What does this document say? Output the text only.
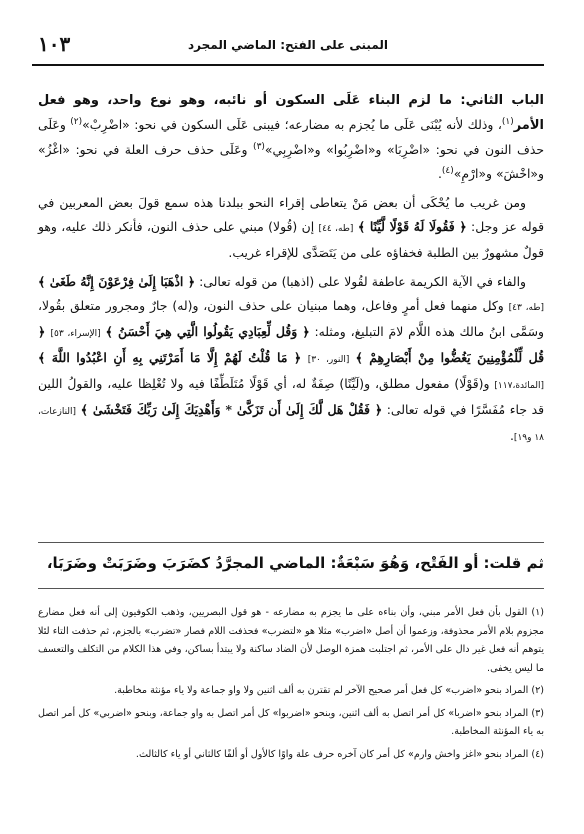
١٠٣	المبنى على الفتح: الماضي المجرد

الباب الثاني: ما لزم البناء عَلَى السكون أو نائبه، وهو نوع واحد، وهو فعل الأمر$^{(١)}$، وذلك لأنه يُبْنَى عَلَى ما يُجزم به مضارعه؛ فيبنى عَلَى السكون في نحو: «اضْرِبْ»$^{(٢)}$ وعَلَى حذف النون في نحو: «اضْرِبَا» و«اضْرِبُوا» و«اضْرِبِي»$^{(٣)}$ وعَلَى حذف حرف العلة في نحو: «اغْزُ» و«اخْشَ» و«ارْمِ»$^{(٤)}$.

ومن غريب ما يُحْكَى أن بعض مَنْ يتعاطى إقراء النحو ببلدنا هذه سمع قولَ بعض المعربين في قوله عز وجل: ﴿ فَقُولَا لَهُ قَوْلًا لَّيِّنًا ﴾ [طه، ٤٤] إن (قُولا) مبني على حذف النون، فأنكر ذلك عليه، وهو قولٌ مشهورٌ بين الطلبة فخفاؤه على من يَتَصَدَّى للإقراء غريب.

والفاء في الآية الكريمة عاطفة لقُولا على (اذهبا) من قوله تعالى: ﴿ اذْهَبَا إِلَىٰ فِرْعَوْنَ إِنَّهُ طَغَىٰ ﴾ [طه، ٤٣] وكل منهما فعل أمرٍ وفاعل، وهما مبنيان على حذف النون، و(له) جارٌ ومجرور متعلق بقُولا، وسَمَّى ابنُ مالك هذه اللَّام لامَ التبليغ، ومثله: ﴿ وَقُل لِّعِبَادِي يَقُولُوا الَّتِي هِيَ أَحْسَنُ ﴾ [الإسراء، ٥٣] ﴿ قُل لِّلْمُؤْمِنِينَ يَغُضُّوا مِنْ أَبْصَارِهِمْ ﴾ [النور، ٣٠] ﴿ مَا قُلْتُ لَهُمْ إِلَّا مَا أَمَرْتَنِي بِهِ أَنِ اعْبُدُوا اللَّهَ ﴾ [المائدة،١١٧] و(قَوْلًا) مفعول مطلق، و(لَيِّنًا) صِفَةٌ له، أي قَوْلًا مُتَلَطِّفًا فيه ولا تُغْلِظا عليه، والقولُ اللين قد جاء مُفَسَّرًا في قوله تعالى: ﴿ فَقُلْ هَل لَّكَ إِلَىٰ أَن تَزَكَّىٰ * وَأَهْدِيَكَ إِلَىٰ رَبِّكَ فَتَخْشَىٰ ﴾ [النازعات، ١٨ و١٩].

ثم قلت: أو الفَتْح، وَهُوَ سَبْعَةٌ: الماضي المجرَّدُ كضَرَبَ وضَرَبَتْ وضَرَبَا،

(١) القول بأن فعل الأمر مبني، وأن بناءه على ما يجزم به مضارعه - هو قول البصريين، وذهب الكوفيون إلى أنه فعل مضارع مجزوم بلام الأمر محذوفة، وزعموا أن أصل «اضرب» مثلا هو «لتضرب» فحذفت اللام فصار «تضرب» بالجزم، ثم حذفت التاء لئلا يتوهم أنه فعل غير دال على الأمر، ثم اجتلبت همزة الوصل لأن الضاد ساكنة ولا يبتدأ بساكن، وفي هذا الكلام من التكلف والتعسف ما ليس يخفى.

(٢) المراد بنحو «اضرب» كل فعل أمر صحيح الآخر لم تقترن به ألف اثنين ولا واو جماعة ولا ياء مؤنثة مخاطبة.

(٣) المراد بنحو «اضربا» كل أمر اتصل به ألف اثنين، وبنحو «اضربوا» كل أمر اتصل به واو جماعة، وبنحو «اضربي» كل أمر اتصل به ياء المؤنثة المخاطبة.

(٤) المراد بنحو «اغز واخش وارم» كل أمر كان آخره حرف علة واوًا كالأول أو ألفًا كالثاني أو ياء كالثالث.
